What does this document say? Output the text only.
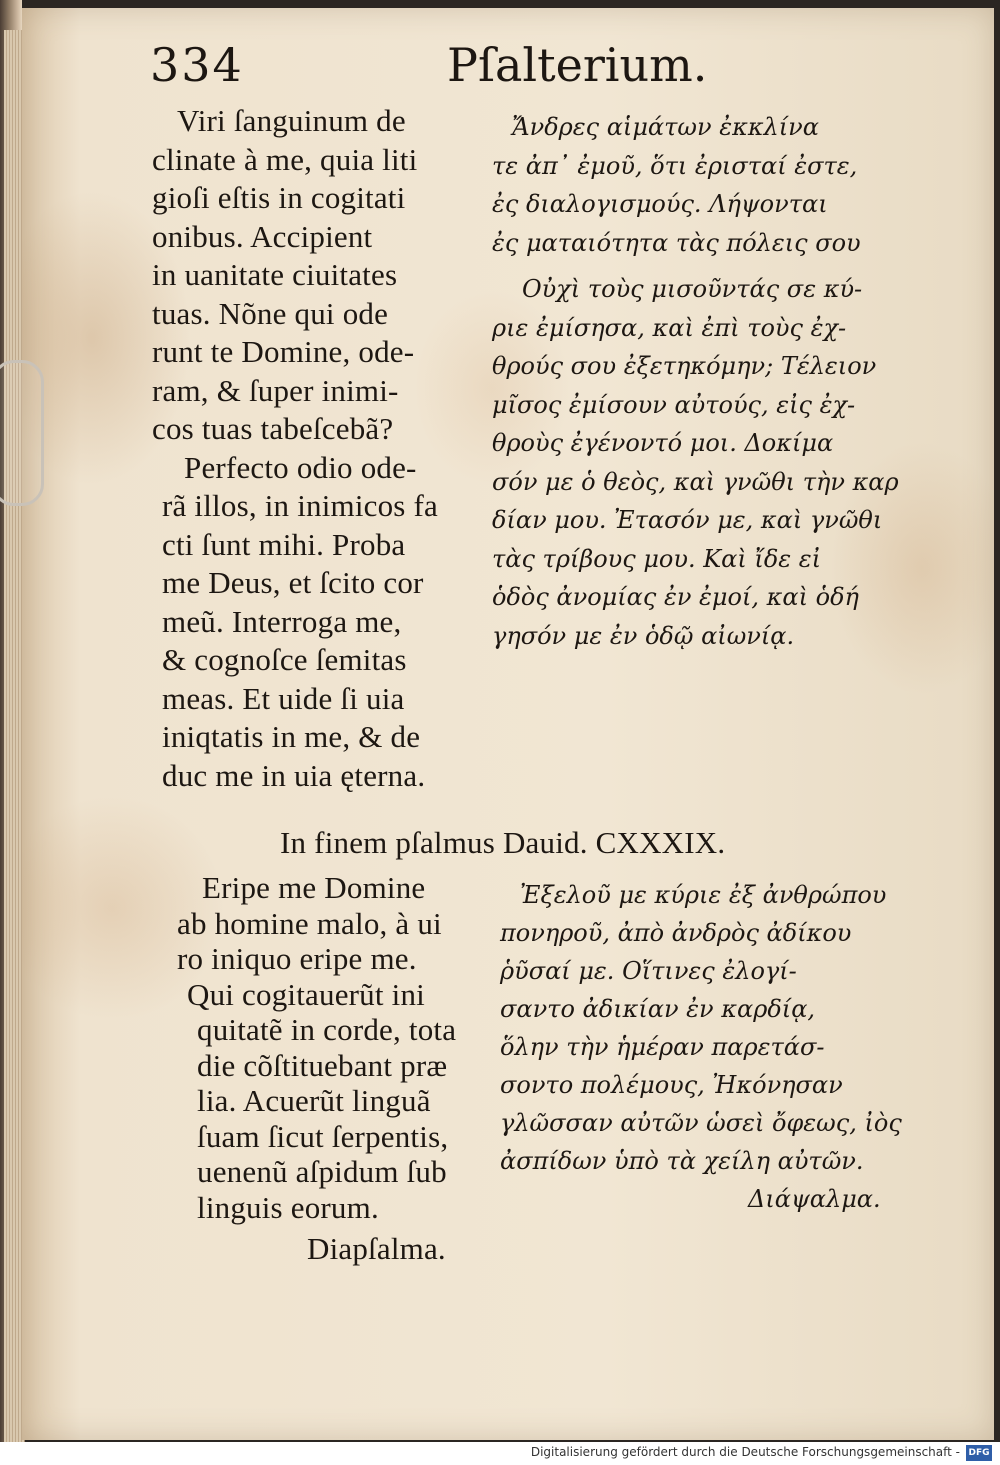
334	Pſalterium.
Viri ſanguinum de
clinate à me, quia liti
gioſi eſtis in cogitati
onibus. Accipient
in uanitate ciuitates
tuas. Nõne qui ode
runt te Domine, ode-
ram, & ſuper inimi-
cos tuas tabeſcebã?
Perfecto odio ode-
rã illos, in inimicos fa
cti ſunt mihi. Proba
me Deus, et ſcito cor
meũ. Interroga me,
& cognoſce ſemitas
meas. Et uide ſi uia
iniqtatis in me, & de
duc me in uia ęterna.
Ἄνδρες αἱμάτων ἐκκλίνα
τε ἀπ᾽ ἐμοῦ, ὅτι ἐρισταί ἐστε,
ἐς διαλογισμούς. Λήψονται
ἐς ματαιότητα τὰς πόλεις σου
Οὐχὶ τοὺς μισοῦντάς σε κύ-
ριε ἐμίσησα, καὶ ἐπὶ τοὺς ἐχ-
θρούς σου ἐξετηκόμην; Τέλειον
μῖσος ἐμίσουν αὐτούς, εἰς ἐχ-
θροὺς ἐγένοντό μοι. Δοκίμα
σόν με ὁ θεὸς, καὶ γνῶθι τὴν καρ
δίαν μου. Ἐτασόν με, καὶ γνῶθι
τὰς τρίβους μου. Καὶ ἴδε εἰ
ὁδὸς ἀνομίας ἐν ἐμοί, καὶ ὁδή
γησόν με ἐν ὁδῷ αἰωνίᾳ.
In finem pſalmus Dauid. CXXXIX.
Eripe me Domine
ab homine malo, à ui
ro iniquo eripe me.
Qui cogitauerũt ini
quitatẽ in corde, tota
die cõſtituebant præ
lia. Acuerũt linguã
ſuam ſicut ſerpentis,
uenenũ aſpidum ſub
linguis eorum.
Diapſalma.
Ἐξελοῦ με κύριε ἐξ ἀνθρώπου
πονηροῦ, ἀπὸ ἀνδρὸς ἀδίκου
ῥῦσαί με. Οἵτινες ἐλογί-
σαντο ἀδικίαν ἐν καρδίᾳ,
ὅλην τὴν ἡμέραν παρετάσ-
σοντο πολέμους, Ἠκόνησαν
γλῶσσαν αὐτῶν ὡσεὶ ὄφεως, ἰὸς
ἀσπίδων ὑπὸ τὰ χείλη αὐτῶν.
Διάψαλμα.
Digitalisierung gefördert durch die Deutsche Forschungsgemeinschaft - DFG
